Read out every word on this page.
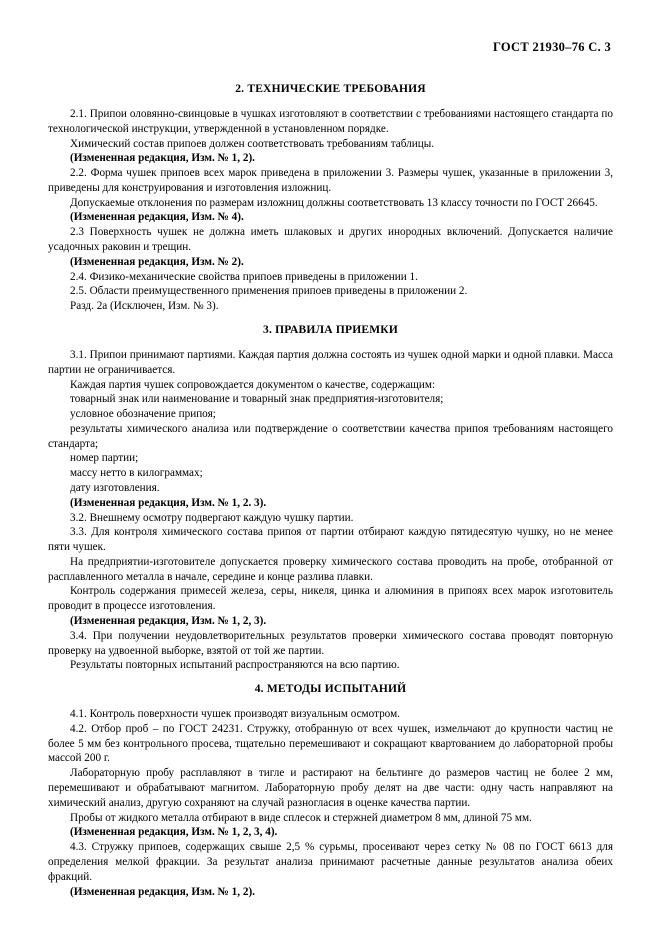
ГОСТ 21930–76 С. 3
2. ТЕХНИЧЕСКИЕ ТРЕБОВАНИЯ

2.1. Припои оловянно-свинцовые в чушках изготовляют в соответствии с требованиями настоящего стандарта по технологической инструкции, утвержденной в установленном порядке.

Химический состав припоев должен соответствовать требованиям таблицы.

(Измененная редакция, Изм. № 1, 2).

2.2. Форма чушек припоев всех марок приведена в приложении 3. Размеры чушек, указанные в приложении 3, приведены для конструирования и изготовления изложниц.

Допускаемые отклонения по размерам изложниц должны соответствовать 13 классу точности по ГОСТ 26645.

(Измененная редакция, Изм. № 4).

2.3 Поверхность чушек не должна иметь шлаковых и других инородных включений. Допускается наличие усадочных раковин и трещин.

(Измененная редакция, Изм. № 2).

2.4. Физико-механические свойства припоев приведены в приложении 1.

2.5. Области преимущественного применения припоев приведены в приложении 2.

Разд. 2а (Исключен, Изм. № 3).

3. ПРАВИЛА ПРИЕМКИ

3.1. Припои принимают партиями. Каждая партия должна состоять из чушек одной марки и одной плавки. Масса партии не ограничивается.

Каждая партия чушек сопровождается документом о качестве, содержащим:

товарный знак или наименование и товарный знак предприятия-изготовителя;

условное обозначение припоя;

результаты химического анализа или подтверждение о соответствии качества припоя требованиям настоящего стандарта;

номер партии;

массу нетто в килограммах;

дату изготовления.

(Измененная редакция, Изм. № 1, 2. 3).

3.2. Внешнему осмотру подвергают каждую чушку партии.

3.3. Для контроля химического состава припоя от партии отбирают каждую пятидесятую чушку, но не менее пяти чушек.

На предприятии-изготовителе допускается проверку химического состава проводить на пробе, отобранной от расплавленного металла в начале, середине и конце разлива плавки.

Контроль содержания примесей железа, серы, никеля, цинка и алюминия в припоях всех марок изготовитель проводит в процессе изготовления.

(Измененная редакция, Изм. № 1, 2, 3).

3.4. При получении неудовлетворительных результатов проверки химического состава проводят повторную проверку на удвоенной выборке, взятой от той же партии.

Результаты повторных испытаний распространяются на всю партию.

4. МЕТОДЫ ИСПЫТАНИЙ

4.1. Контроль поверхности чушек производят визуальным осмотром.

4.2. Отбор проб – по ГОСТ 24231. Стружку, отобранную от всех чушек, измельчают до крупности частиц не более 5 мм без контрольного просева, тщательно перемешивают и сокращают квартованием до лабораторной пробы массой 200 г.

Лабораторную пробу расплавляют в тигле и растирают на бельтинге до размеров частиц не более 2 мм, перемешивают и обрабатывают магнитом. Лабораторную пробу делят на две части: одну часть направляют на химический анализ, другую сохраняют на случай разногласия в оценке качества партии.

Пробы от жидкого металла отбирают в виде сплесок и стержней диаметром 8 мм, длиной 75 мм.

(Измененная редакция, Изм. № 1, 2, 3, 4).

4.3. Стружку припоев, содержащих свыше 2,5 % сурьмы, просеивают через сетку № 08 по ГОСТ 6613 для определения мелкой фракции. За результат анализа принимают расчетные данные результатов анализа обеих фракций.

(Измененная редакция, Изм. № 1, 2).
